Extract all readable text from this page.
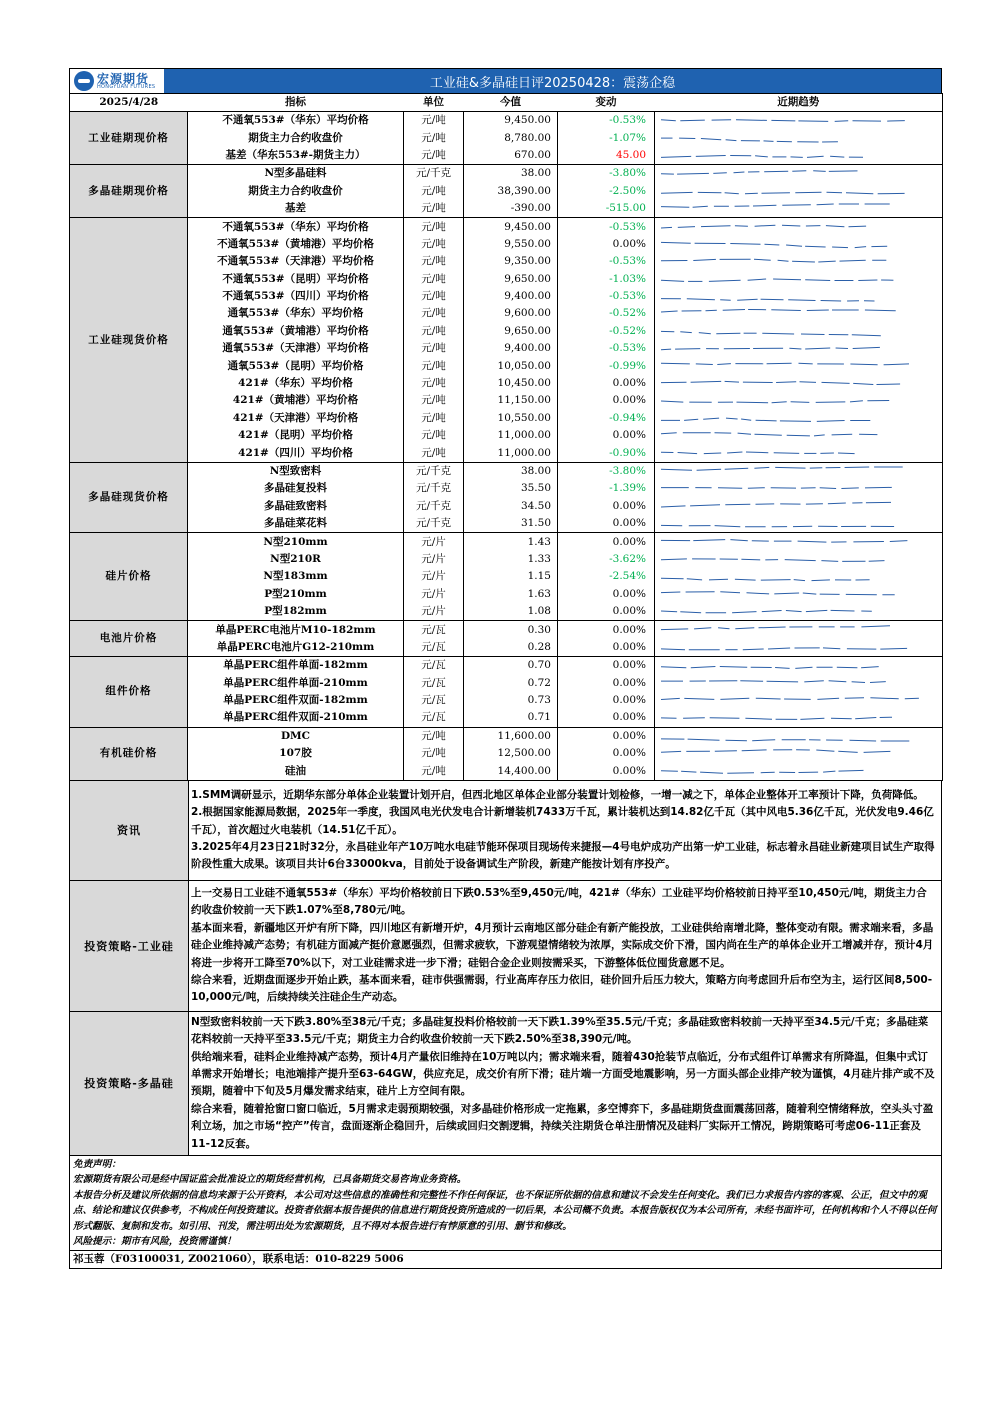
宏源期货
HONGYUAN FUTURES	工业硅&多晶硅日评20250428：震荡企稳
2025/4/28	指标	单位	今值	变动	近期趋势
工业硅期现价格	不通氧553#（华东）平均价格	元/吨	9,450.00	-0.53%	

	期货主力合约收盘价	元/吨	8,780.00	-1.07%	

	基差（华东553#-期货主力）	元/吨	670.00	45.00	

多晶硅期现价格	N型多晶硅料	元/千克	38.00	-3.80%	

	期货主力合约收盘价	元/吨	38,390.00	-2.50%	

	基差	元/吨	-390.00	-515.00	

工业硅现货价格	不通氧553#（华东）平均价格	元/吨	9,450.00	-0.53%	

	不通氧553#（黄埔港）平均价格	元/吨	9,550.00	0.00%	

	不通氧553#（天津港）平均价格	元/吨	9,350.00	-0.53%	

	不通氧553#（昆明）平均价格	元/吨	9,650.00	-1.03%	

	不通氧553#（四川）平均价格	元/吨	9,400.00	-0.53%	

	通氧553#（华东）平均价格	元/吨	9,600.00	-0.52%	

	通氧553#（黄埔港）平均价格	元/吨	9,650.00	-0.52%	

	通氧553#（天津港）平均价格	元/吨	9,400.00	-0.53%	

	通氧553#（昆明）平均价格	元/吨	10,050.00	-0.99%	

	421#（华东）平均价格	元/吨	10,450.00	0.00%	

	421#（黄埔港）平均价格	元/吨	11,150.00	0.00%	

	421#（天津港）平均价格	元/吨	10,550.00	-0.94%	

	421#（昆明）平均价格	元/吨	11,000.00	0.00%	

	421#（四川）平均价格	元/吨	11,000.00	-0.90%	

多晶硅现货价格	N型致密料	元/千克	38.00	-3.80%	

	多晶硅复投料	元/千克	35.50	-1.39%	

	多晶硅致密料	元/千克	34.50	0.00%	

	多晶硅菜花料	元/千克	31.50	0.00%	

硅片价格	N型210mm	元/片	1.43	0.00%	

	N型210R	元/片	1.33	-3.62%	

	N型183mm	元/片	1.15	-2.54%	

	P型210mm	元/片	1.63	0.00%	

	P型182mm	元/片	1.08	0.00%	

电池片价格	单晶PERC电池片M10-182mm	元/瓦	0.30	0.00%	

	单晶PERC电池片G12-210mm	元/瓦	0.28	0.00%	

组件价格	单晶PERC组件单面-182mm	元/瓦	0.70	0.00%	

	单晶PERC组件单面-210mm	元/瓦	0.72	0.00%	

	单晶PERC组件双面-182mm	元/瓦	0.73	0.00%	

	单晶PERC组件双面-210mm	元/瓦	0.71	0.00%	

有机硅价格	DMC	元/吨	11,600.00	0.00%	

	107胶	元/吨	12,500.00	0.00%	

	硅油	元/吨	14,400.00	0.00%	
资讯

1.SMM调研显示，近期华东部分单体企业装置计划开启，但西北地区单体企业部分装置计划检修，一增一减之下，单体企业整体开工率预计下降，负荷降低。

2.根据国家能源局数据，2025年一季度，我国风电光伏发电合计新增装机7433万千瓦，累计装机达到14.82亿千瓦（其中风电5.36亿千瓦，光伏发电9.46亿千瓦），首次超过火电装机（14.51亿千瓦）。

3.2025年4月23日21时32分，永昌硅业年产10万吨水电硅节能环保项目现场传来捷报—4号电炉成功产出第一炉工业硅，标志着永昌硅业新建项目试生产取得阶段性重大成果。该项目共计6台33000kva，目前处于设备调试生产阶段，新建产能按计划有序投产。

投资策略-工业硅

上一交易日工业硅不通氧553#（华东）平均价格较前日下跌0.53%至9,450元/吨，421#（华东）工业硅平均价格较前日持平至10,450元/吨，期货主力合约收盘价较前一天下跌1.07%至8,780元/吨。

基本面来看，新疆地区开炉有所下降，四川地区有新增开炉，4月预计云南地区部分硅企有新产能投放，工业硅供给南增北降，整体变动有限。需求端来看，多晶硅企业维持减产态势；有机硅方面减产挺价意愿强烈，但需求疲软，下游观望情绪较为浓厚，实际成交价下滑，国内尚在生产的单体企业开工增减并存，预计4月将进一步将开工降至70%以下，对工业硅需求进一步下滑；硅铝合金企业则按需采买，下游整体低位囤货意愿不足。

综合来看，近期盘面逐步开始止跌，基本面来看，硅市供强需弱，行业高库存压力依旧，硅价回升后压力较大，策略方向考虑回升后布空为主，运行区间8,500-10,000元/吨，后续持续关注硅企生产动态。

投资策略-多晶硅

N型致密料较前一天下跌3.80%至38元/千克；多晶硅复投料价格较前一天下跌1.39%至35.5元/千克；多晶硅致密料较前一天持平至34.5元/千克；多晶硅菜花料较前一天持平至33.5元/千克；期货主力合约收盘价较前一天下跌2.50%至38,390元/吨。

供给端来看，硅料企业维持减产态势，预计4月产量依旧维持在10万吨以内；需求端来看，随着430抢装节点临近，分布式组件订单需求有所降温，但集中式订单需求开始增长；电池端排产提升至63-64GW，供应充足，成交价有所下滑；硅片端一方面受地震影响，另一方面头部企业排产较为谨慎，4月硅片排产或不及预期，随着中下旬及5月爆发需求结束，硅片上方空间有限。

综合来看，随着抢窗口窗口临近，5月需求走弱预期较强，对多晶硅价格形成一定拖累，多空博弈下，多晶硅期货盘面震荡回落，随着利空情绪释放，空头头寸盈利立场，加之市场“控产”传言，盘面逐渐企稳回升，后续或回归交割逻辑，持续关注期货仓单注册情况及硅料厂实际开工情况，跨期策略可考虑06-11正套及11-12反套。

免责声明：

宏源期货有限公司是经中国证监会批准设立的期货经营机构，已具备期货交易咨询业务资格。

本报告分析及建议所依据的信息均来源于公开资料，本公司对这些信息的准确性和完整性不作任何保证，也不保证所依据的信息和建议不会发生任何变化。我们已力求报告内容的客观、公正，但文中的观点、结论和建议仅供参考，不构成任何投资建议。投资者依据本报告提供的信息进行期货投资所造成的一切后果，本公司概不负责。本报告版权仅为本公司所有，未经书面许可，任何机构和个人不得以任何形式翻版、复制和发布。如引用、刊发，需注明出处为宏源期货，且不得对本报告进行有悖原意的引用、删节和修改。

风险提示：期市有风险，投资需谨慎！

祁玉蓉（F03100031, Z0021060），联系电话：010-8229 5006
